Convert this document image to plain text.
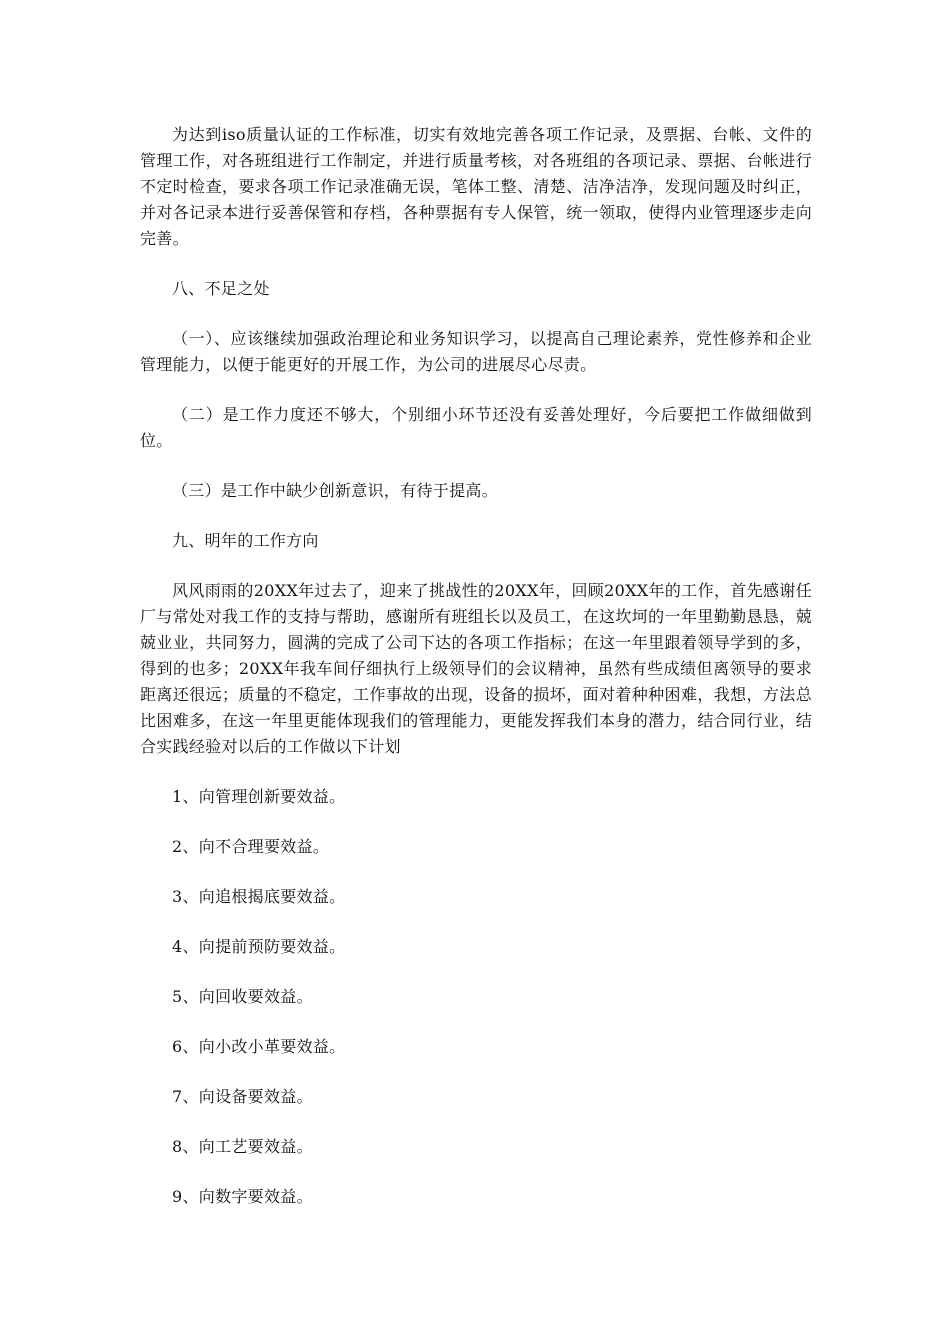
为达到iso质量认证的工作标准，切实有效地完善各项工作记录，及票据、台帐、文件的管理工作，对各班组进行工作制定，并进行质量考核，对各班组的各项记录、票据、台帐进行不定时检查，要求各项工作记录准确无误，笔体工整、清楚、洁净洁净，发现问题及时纠正，并对各记录本进行妥善保管和存档，各种票据有专人保管，统一领取，使得内业管理逐步走向完善。

八、不足之处

（一）、应该继续加强政治理论和业务知识学习，以提高自己理论素养，党性修养和企业管理能力，以便于能更好的开展工作，为公司的进展尽心尽责。

（二）是工作力度还不够大，个别细小环节还没有妥善处理好，今后要把工作做细做到位。

（三）是工作中缺少创新意识，有待于提高。

九、明年的工作方向

风风雨雨的20XX年过去了，迎来了挑战性的20XX年，回顾20XX年的工作，首先感谢任厂与常处对我工作的支持与帮助，感谢所有班组长以及员工，在这坎坷的一年里勤勤恳恳，兢兢业业，共同努力，圆满的完成了公司下达的各项工作指标；在这一年里跟着领导学到的多，得到的也多；20XX年我车间仔细执行上级领导们的会议精神，虽然有些成绩但离领导的要求距离还很远；质量的不稳定，工作事故的出现，设备的损坏，面对着种种困难，我想，方法总比困难多，在这一年里更能体现我们的管理能力，更能发挥我们本身的潜力，结合同行业，结合实践经验对以后的工作做以下计划

1、向管理创新要效益。

2、向不合理要效益。

3、向追根揭底要效益。

4、向提前预防要效益。

5、向回收要效益。

6、向小改小革要效益。

7、向设备要效益。

8、向工艺要效益。

9、向数字要效益。
